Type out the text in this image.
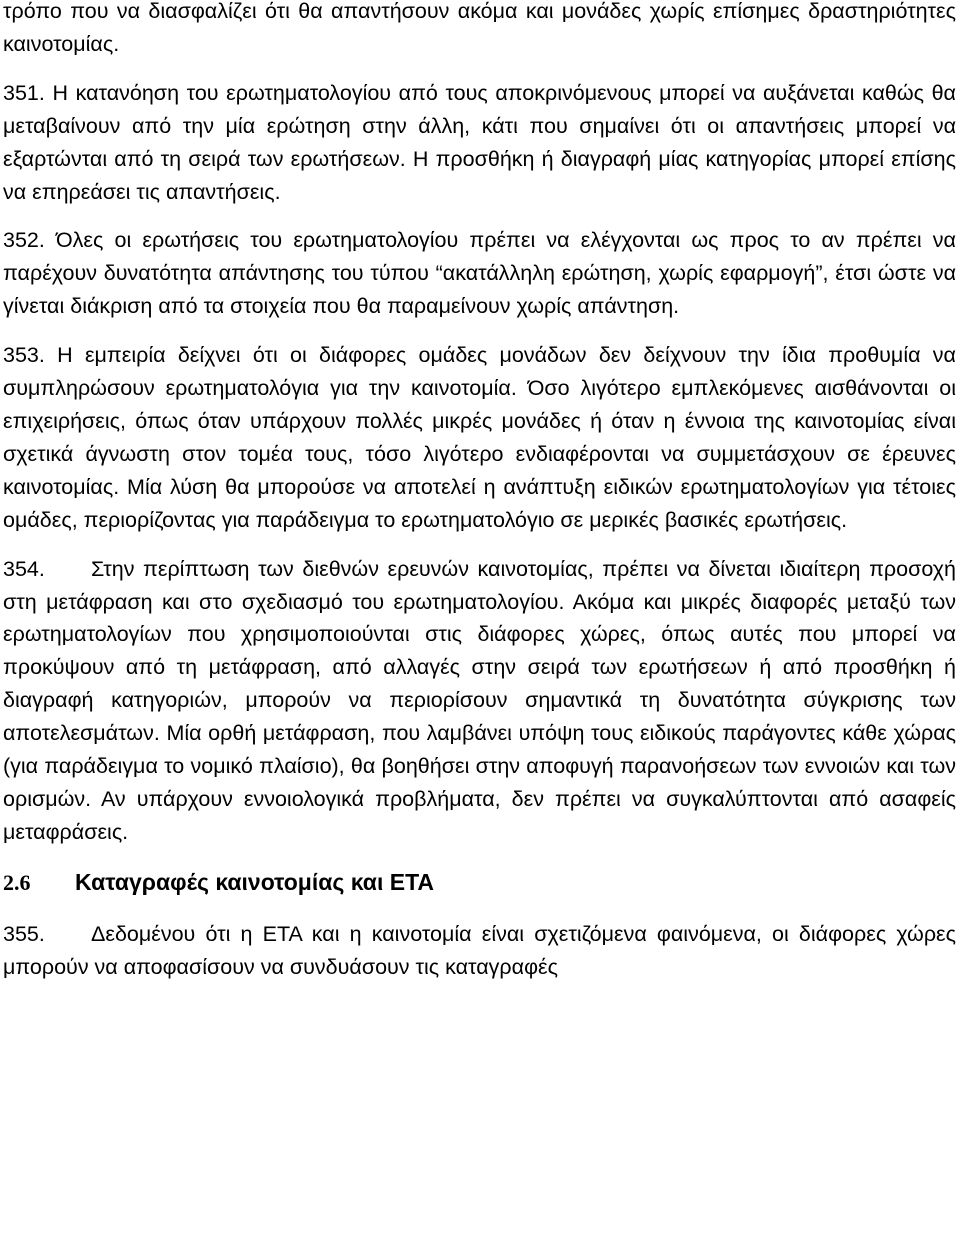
τρόπο που να διασφαλίζει ότι θα απαντήσουν ακόμα και μονάδες χωρίς επίσημες δραστηριότητες καινοτομίας.

351. Η κατανόηση του ερωτηματολογίου από τους αποκρινόμενους μπορεί να αυξάνεται καθώς θα μεταβαίνουν από την μία ερώτηση στην άλλη, κάτι που σημαίνει ότι οι απαντήσεις μπορεί να εξαρτώνται από τη σειρά των ερωτήσεων. Η προσθήκη ή διαγραφή μίας κατηγορίας μπορεί επίσης να επηρεάσει τις απαντήσεις.

352. Όλες οι ερωτήσεις του ερωτηματολογίου πρέπει να ελέγχονται ως προς το αν πρέπει να παρέχουν δυνατότητα απάντησης του τύπου “ακατάλληλη ερώτηση, χωρίς εφαρμογή”, έτσι ώστε να γίνεται διάκριση από τα στοιχεία που θα παραμείνουν χωρίς απάντηση.

353. Η εμπειρία δείχνει ότι οι διάφορες ομάδες μονάδων δεν δείχνουν την ίδια προθυμία να συμπληρώσουν ερωτηματολόγια για την καινοτομία. Όσο λιγότερο εμπλεκόμενες αισθάνονται οι επιχειρήσεις, όπως όταν υπάρχουν πολλές μικρές μονάδες ή όταν η έννοια της καινοτομίας είναι σχετικά άγνωστη στον τομέα τους, τόσο λιγότερο ενδιαφέρονται να συμμετάσχουν σε έρευνες καινοτομίας. Μία λύση θα μπορούσε να αποτελεί η ανάπτυξη ειδικών ερωτηματολογίων για τέτοιες ομάδες, περιορίζοντας για παράδειγμα το ερωτηματολόγιο σε μερικές βασικές ερωτήσεις.

354. Στην περίπτωση των διεθνών ερευνών καινοτομίας, πρέπει να δίνεται ιδιαίτερη προσοχή στη μετάφραση και στο σχεδιασμό του ερωτηματολογίου. Ακόμα και μικρές διαφορές μεταξύ των ερωτηματολογίων που χρησιμοποιούνται στις διάφορες χώρες, όπως αυτές που μπορεί να προκύψουν από τη μετάφραση, από αλλαγές στην σειρά των ερωτήσεων ή από προσθήκη ή διαγραφή κατηγοριών, μπορούν να περιορίσουν σημαντικά τη δυνατότητα σύγκρισης των αποτελεσμάτων. Μία ορθή μετάφραση, που λαμβάνει υπόψη τους ειδικούς παράγοντες κάθε χώρας (για παράδειγμα το νομικό πλαίσιο), θα βοηθήσει στην αποφυγή παρανοήσεων των εννοιών και των ορισμών. Αν υπάρχουν εννοιολογικά προβλήματα, δεν πρέπει να συγκαλύπτονται από ασαφείς μεταφράσεις.

2.6 Καταγραφές καινοτομίας και ΕΤΑ

355. Δεδομένου ότι η ΕΤΑ και η καινοτομία είναι σχετιζόμενα φαινόμενα, οι διάφορες χώρες μπορούν να αποφασίσουν να συνδυάσουν τις καταγραφές
